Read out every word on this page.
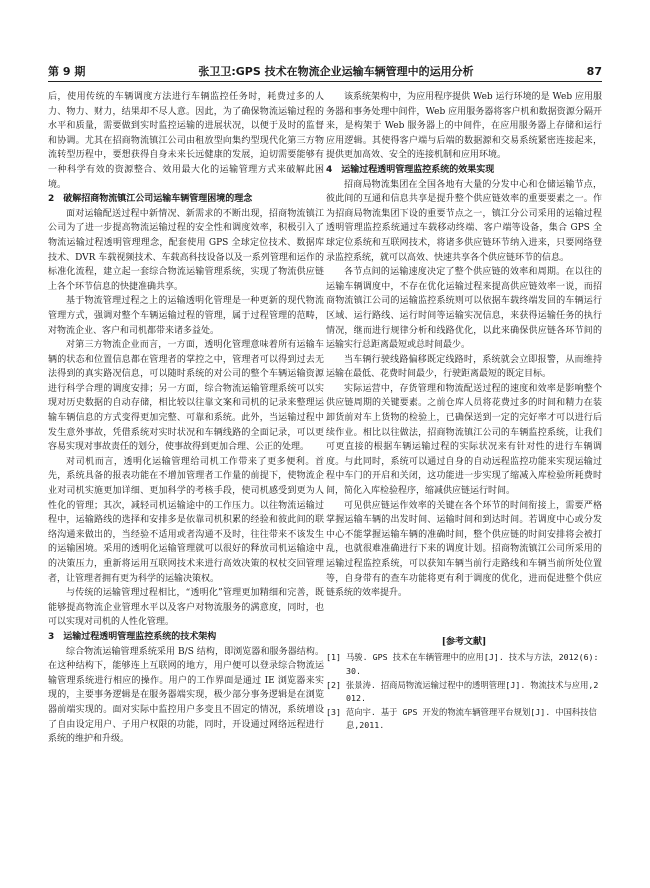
第 9 期	张卫卫:GPS 技术在物流企业运输车辆管理中的运用分析	87

后，使用传统的车辆调度方法进行车辆监控任务时，耗费过多的人力、物力、财力，结果却不尽人意。因此，为了确保物流运输过程的水平和质量，需要做到实时监控运输的进展状况，以便于及时的监督和协调。尤其在招商物流镇江公司由租放型向集约型现代化第三方物流转型历程中，要想获得自身未来长远健康的发展，迫切需要能够有一种科学有效的资源整合、效用最大化的运输管理方式来破解此困境。

2　破解招商物流镇江公司运输车辆管理困境的理念

面对运输配送过程中新情况、新需求的不断出现，招商物流镇江公司为了进一步提高物流运输过程的安全性和调度效率，积极引入了物流运输过程透明管理理念，配套使用 GPS 全球定位技术、数据库技术、DVR 车载视频技术、车载高科技设备以及一系列管理和运作的标准化流程，建立起一套综合物流运输管理系统，实现了物流供应链上各个环节信息的快捷准确共享。

基于物流管理过程之上的运输透明化管理是一种更新的现代物流管理方式，强调对整个车辆运输过程的管理，属于过程管理的范畴，对物流企业、客户和司机都带来诸多益处。

对第三方物流企业而言，一方面，透明化管理意味着所有运输车辆的状态和位置信息都在管理者的掌控之中，管理者可以得到过去无法得到的真实路况信息，可以随时系统的对公司的整个车辆运输资源进行科学合理的调度安排；另一方面，综合物流运输管理系统可以实现对历史数据的自动存储，相比较以往靠文案和司机的记录来整理运输车辆信息的方式变得更加完整、可靠和系统。此外，当运输过程中发生意外事故，凭借系统对实时状况和车辆线路的全面记录，可以更容易实现对事故责任的划分，使事故得到更加合理、公正的处理。

对司机而言，透明化运输管理给司机工作带来了更多便利。首先，系统具备的报表功能在不增加管理者工作量的前提下，使物流企业对司机实施更加详细、更加科学的考核手段，使司机感受到更为人性化的管理；其次，减轻司机运输途中的工作压力。以往物流运输过程中，运输路线的选择和安排多是依靠司机积累的经验和彼此间的联络沟通来做出的，当经验不适用或者沟通不及时，往往带来不该发生的运输困境。采用的透明化运输管理就可以很好的释放司机运输途中的决策压力，重新将运用互联网技术来进行高效决策的权杖交回管理者，让管理者拥有更为科学的运输决策权。

与传统的运输管理过程相比，“透明化”管理更加精细和完善，既能够提高物流企业管理水平以及客户对物流服务的满意度，同时，也可以实现对司机的人性化管理。

3　运输过程透明管理监控系统的技术架构

综合物流运输管理系统采用 B/S 结构，即浏览器和服务器结构。在这种结构下，能够连上互联网的地方，用户便可以登录综合物流运输管理系统进行相应的操作。用户的工作界面是通过 IE 浏览器来实现的，主要事务逻辑是在服务器端实现，极少部分事务逻辑是在浏览器前端实现的。面对实际中监控用户多变且不固定的情况，系统增设了自由设定用户、子用户权限的功能，同时，开设通过网络远程进行系统的维护和升级。

该系统架构中，为应用程序提供 Web 运行环境的是 Web 应用服务器和事务处理中间件，Web 应用服务器将客户机和数据资源分隔开来，是构架于 Web 服务器上的中间件，在应用服务器上存储和运行应用逻辑。其使得客户端与后端的数据源和交易系统紧密连接起来，提供更加高效、安全的连接机制和应用环境。

4　运输过程透明管理监控系统的效果实现

招商局物流集团在全国各地有大量的分发中心和仓储运输节点，彼此间的互通和信息共享是提升整个供应链效率的重要要素之一。作为招商局物流集团下设的重要节点之一，镇江分公司采用的运输过程透明管理监控系统通过车载移动终端、客户端等设备，集合 GPS 全球定位系统和互联网技术，将诸多供应链环节纳入进来，只要网络登录监控系统，就可以高效、快速共享各个供应链环节的信息。

各节点间的运输速度决定了整个供应链的效率和周期。在以往的运输车辆调度中，不存在优化运输过程来提高供应链效率一说，而招商物流镇江公司的运输监控系统则可以依据车载终端发回的车辆运行区域、运行路线、运行时间等运输实况信息，来获得运输任务的执行情况，继而进行规律分析和线路优化，以此来确保供应链各环节间的运输实行总距离最短或总时间最少。

当车辆行驶线路偏移既定线路时，系统就会立即报警，从而维持运输在最低、花费时间最少，行驶距离最短的既定目标。

实际运营中，存货管理和物流配送过程的速度和效率是影响整个供应链周期的关键要素。之前仓库人员将花费过多的时间和精力在装卸货前对车上货物的检验上，已确保送到一定的完好率才可以进行后续作业。相比以往做法，招商物流镇江公司的车辆监控系统，让我们可更直接的根据车辆运输过程的实际状况来有针对性的进行车辆调度。与此同时，系统可以通过自身的自动远程监控功能来实现运输过程中车门的开启和关闭，这功能进一步实现了缩减入库检验所耗费时间，简化入库检验程序，缩减供应链运行时间。

可见供应链运作效率的关键在各个环节的时间衔接上，需要严格掌握运输车辆的出发时间、运输时间和到达时间。若调度中心或分发中心不能掌握运输车辆的准确时间，整个供应链的时间安排将会被打乱，也就很难准确进行下来的调度计划。招商物流镇江公司所采用的运输过程监控系统，可以获知车辆当前行走路线和车辆当前所处位置等，自身带有的查车功能将更有利于调度的优化，进而促进整个供应链系统的效率提升。

[参考文献]
[1] 马骏. GPS 技术在车辆管理中的应用[J]. 技术与方法，2012(6):30.
[2] 张景涛. 招商局物流运输过程中的透明管理[J]. 物流技术与应用,2012.
[3] 范向宇. 基于 GPS 开发的物流车辆管理平台规划[J]. 中国科技信息,2011.
